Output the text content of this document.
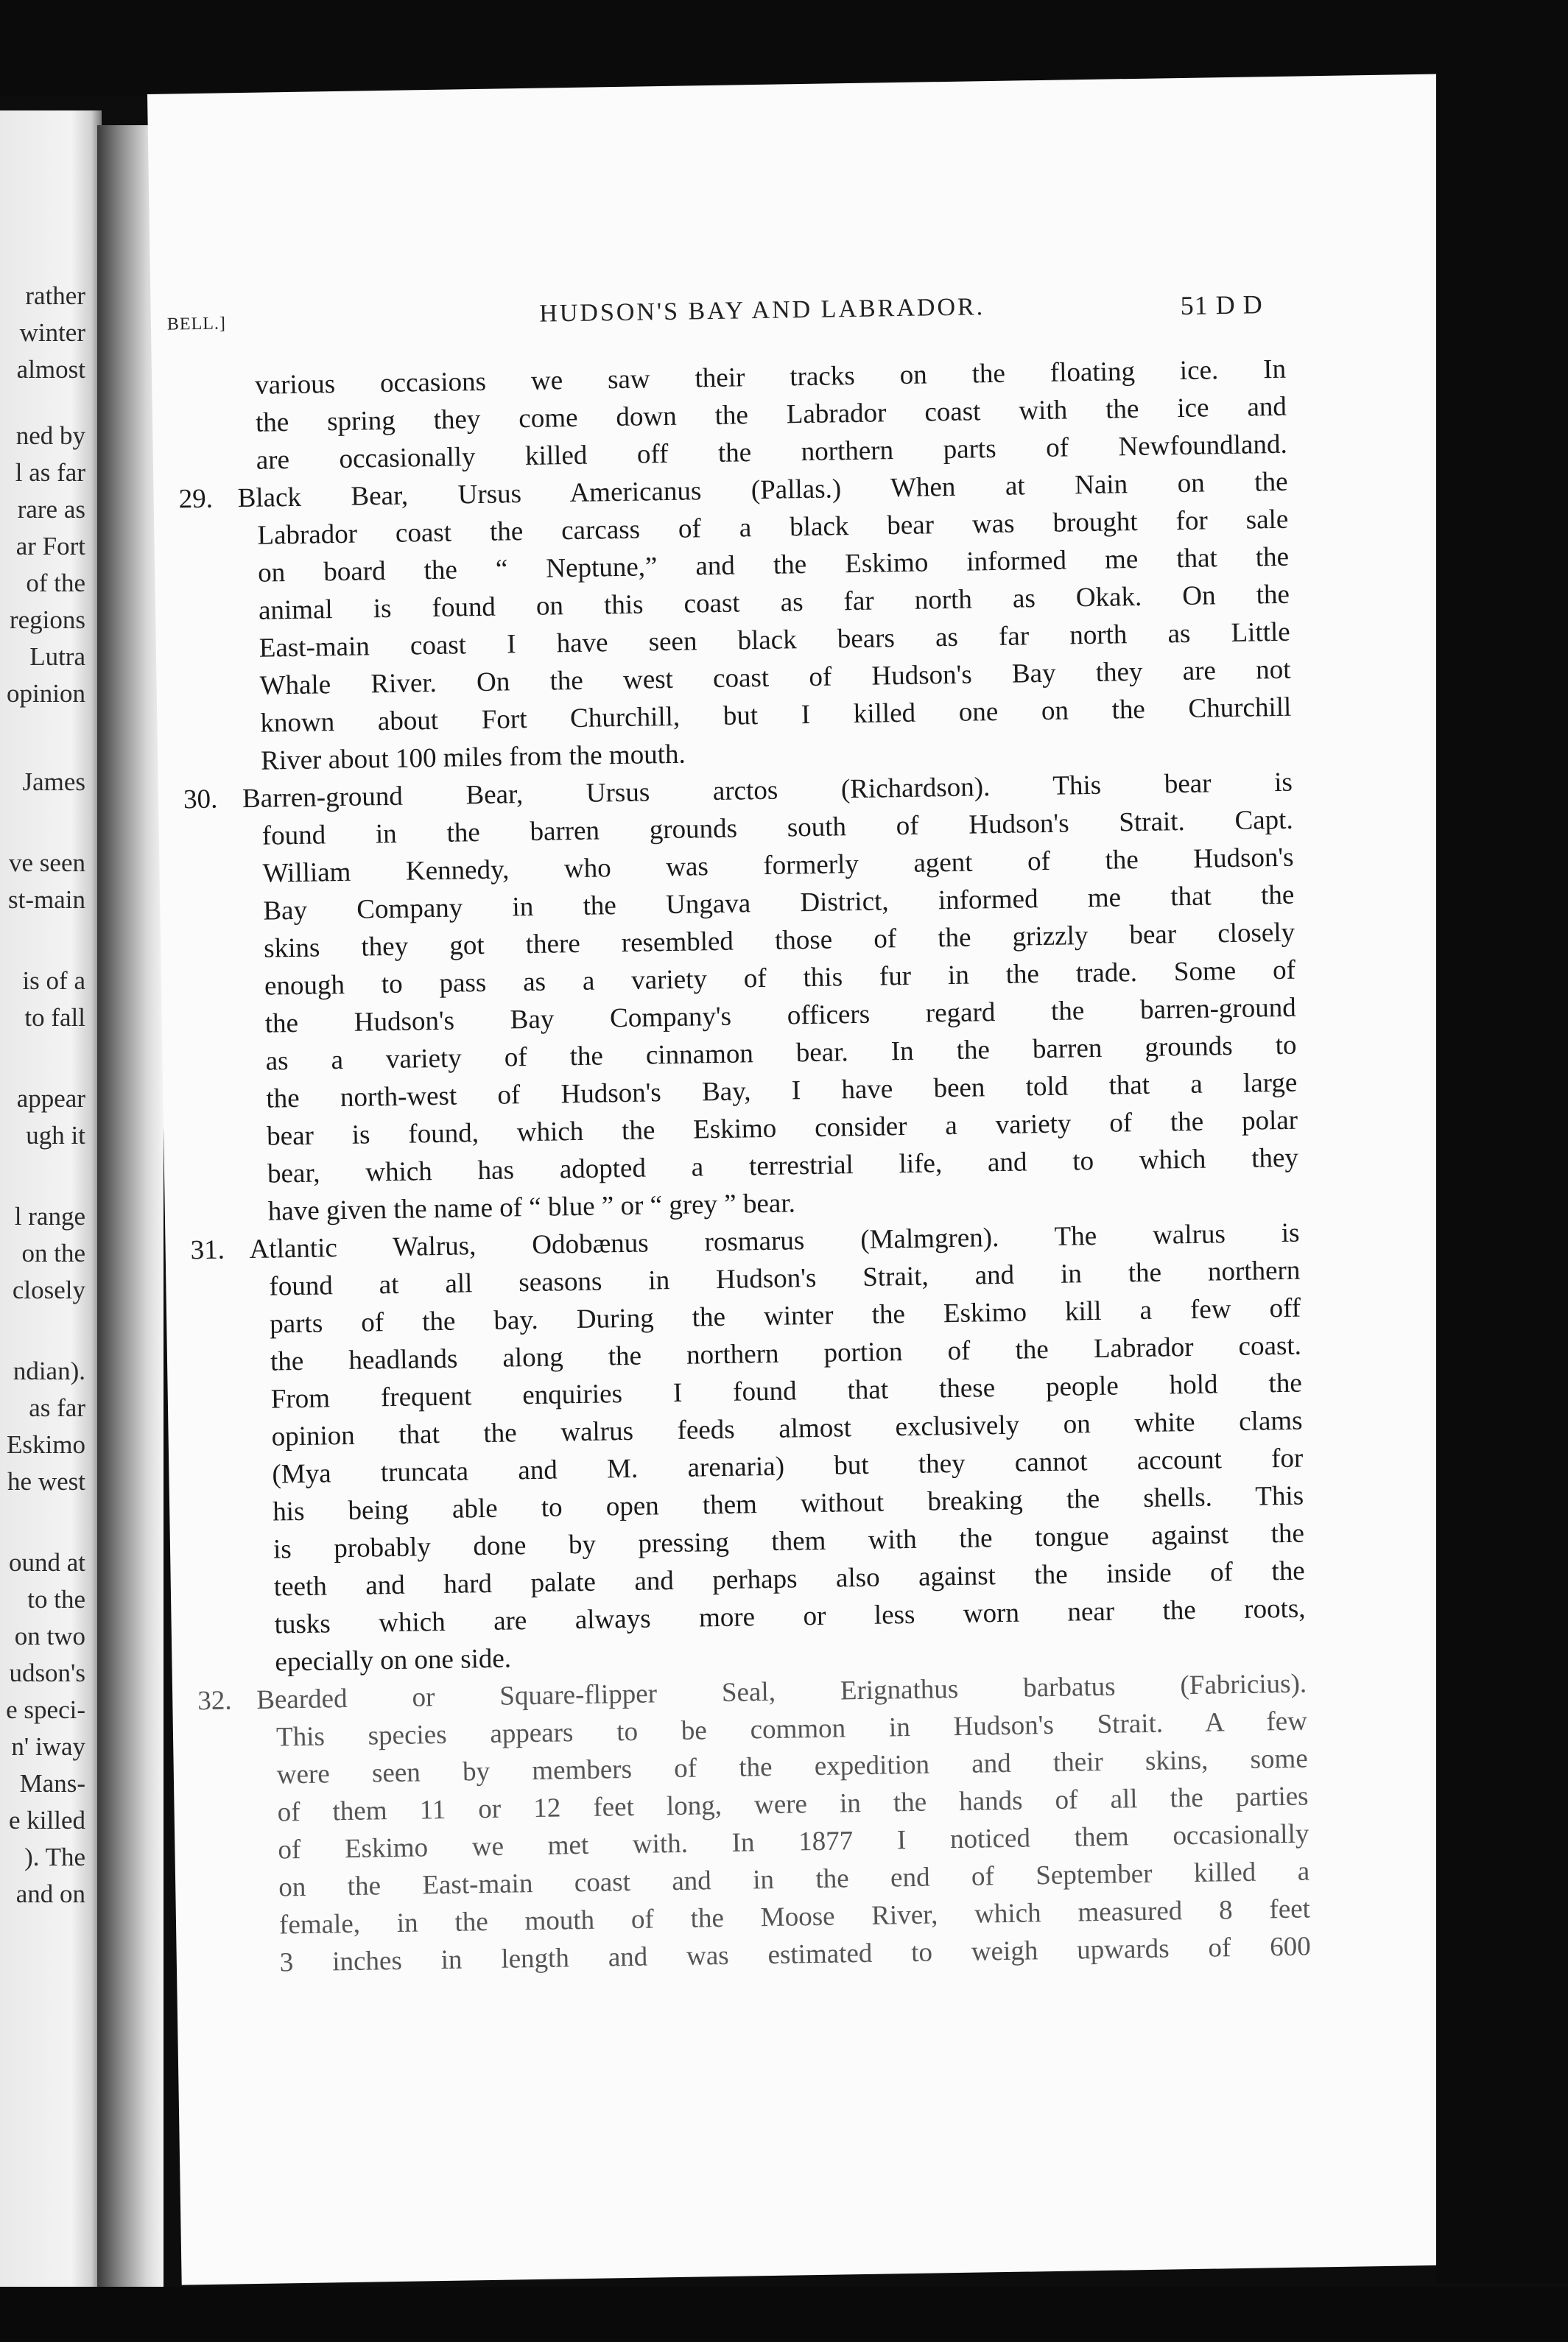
rather
winter
almost
ned by
l as far
rare as
ar Fort
of the
regions
Lutra
opinion
James
ve seen
st-main
is of a
to fall
appear
ugh it
l range
on the
closely
ndian).
as far
Eskimo
he west
ound at
to the
on two
udson's
e speci-
n' iway
Mans-
e killed
). The
and on
BELL.]	HUDSON'S BAY AND LABRADOR.	51 D D
various occasions we saw their tracks on the floating ice. In
the spring they come down the Labrador coast with the ice and
are occasionally killed off the northern parts of Newfoundland.
29. Black Bear, Ursus Americanus (Pallas.) When at Nain on the
Labrador coast the carcass of a black bear was brought for sale
on board the “ Neptune,” and the Eskimo informed me that the
animal is found on this coast as far north as Okak. On the
East-main coast I have seen black bears as far north as Little
Whale River. On the west coast of Hudson's Bay they are not
known about Fort Churchill, but I killed one on the Churchill
River about 100 miles from the mouth.
30. Barren-ground Bear, Ursus arctos (Richardson). This bear is
found in the barren grounds south of Hudson's Strait. Capt.
William Kennedy, who was formerly agent of the Hudson's
Bay Company in the Ungava District, informed me that the
skins they got there resembled those of the grizzly bear closely
enough to pass as a variety of this fur in the trade. Some of
the Hudson's Bay Company's officers regard the barren-ground
as a variety of the cinnamon bear. In the barren grounds to
the north-west of Hudson's Bay, I have been told that a large
bear is found, which the Eskimo consider a variety of the polar
bear, which has adopted a terrestrial life, and to which they
have given the name of “ blue ” or “ grey ” bear.
31. Atlantic Walrus, Odobænus rosmarus (Malmgren). The walrus is
found at all seasons in Hudson's Strait, and in the northern
parts of the bay. During the winter the Eskimo kill a few off
the headlands along the northern portion of the Labrador coast.
From frequent enquiries I found that these people hold the
opinion that the walrus feeds almost exclusively on white clams
(Mya truncata and M. arenaria) but they cannot account for
his being able to open them without breaking the shells. This
is probably done by pressing them with the tongue against the
teeth and hard palate and perhaps also against the inside of the
tusks which are always more or less worn near the roots,
epecially on one side.
32. Bearded or Square-flipper Seal, Erignathus barbatus (Fabricius).
This species appears to be common in Hudson's Strait. A few
were seen by members of the expedition and their skins, some
of them 11 or 12 feet long, were in the hands of all the parties
of Eskimo we met with. In 1877 I noticed them occasionally
on the East-main coast and in the end of September killed a
female, in the mouth of the Moose River, which measured 8 feet
3 inches in length and was estimated to weigh upwards of 600
